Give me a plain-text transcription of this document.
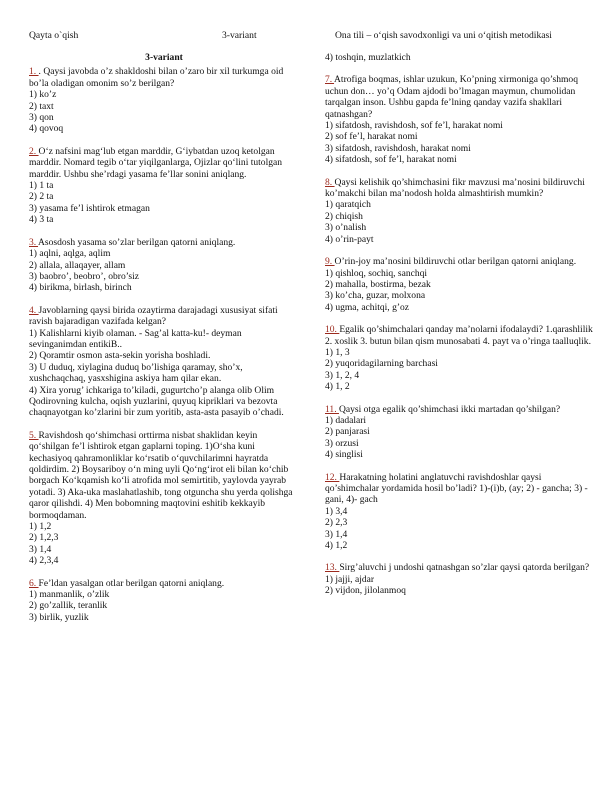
Qayta o`qish	3-variant	Ona tili – o‘qish savodxonligi va uni o‘qitish metodikasi
3-variant

1. . Qaysi javobda o’z shakldoshi bilan o’zaro bir xil turkumga oid bo’la oladigan omonim so’z berilgan?

1) ko’z
2) taxt
3) qon
4) qovoq

2. O‘z nafsini mag‘lub etgan marddir, G‘iybatdan uzoq ketolgan marddir. Nomard tegib o‘tar yiqilganlarga, Ojizlar qo‘lini tutolgan marddir. Ushbu she’rdagi yasama fe’llar sonini aniqlang.

1) 1 ta
2) 2 ta
3) yasama fe’l ishtirok etmagan
4) 3 ta

3. Asosdosh yasama so’zlar berilgan qatorni aniqlang.

1) aqlni, aqlga, aqlim
2) allala, allaqayer, allam
3) baobro’, beobro’, obro’siz
4) birikma, birlash, birinch

4. Javoblarning qaysi birida ozaytirma darajadagi xususiyat sifati ravish bajaradigan vazifada kelgan?

1) Kalishlarni kiyib olaman. - Sag’al katta-ku!- deyman sevinganimdan entikiB..
2) Qoramtir osmon asta-sekin yorisha boshladi.
3) U duduq, xiylagina duduq bo’lishiga qaramay, sho’x, xushchaqchaq, yasxshigina askiya ham qilar ekan.
4) Xira yorug’ ichkariga to’kiladi, gugurtcho’p alanga olib Olim Qodirovning kulcha, oqish yuzlarini, quyuq kipriklari va bezovta chaqnayotgan ko’zlarini bir zum yoritib, asta-asta pasayib o’chadi.

5. Ravishdosh qo‘shimchasi orttirma nisbat shaklidan keyin qo‘shilgan fe’l ishtirok etgan gaplarni toping. 1)O‘sha kuni kechasiyoq qahramonliklar ko‘rsatib o‘quvchilarimni hayratda qoldirdim. 2) Boysariboy o‘n ming uyli Qo‘ng‘irot eli bilan ko‘chib borgach Ko‘kqamish ko‘li atrofida mol semirtitib, yaylovda yayrab yotadi. 3) Aka-uka maslahatlashib, tong otguncha shu yerda qolishga qaror qilishdi. 4) Men bobomning maqtovini eshitib kekkayib bormoqdaman.

1) 1,2
2) 1,2,3
3) 1,4
4) 2,3,4

6. Fe’ldan yasalgan otlar berilgan qatorni aniqlang.

1) manmanlik, o’zlik
2) go’zallik, teranlik
3) birlik, yuzlik
4) toshqin, muzlatkich

7. Atrofiga boqmas, ishlar uzukun, Ko’pning xirmoniga qo’shmoq uchun don… yo’q Odam ajdodi bo’lmagan maymun, chumolidan tarqalgan inson. Ushbu gapda fe’lning qanday vazifa shakllari qatnashgan?

1) sifatdosh, ravishdosh, sof fe’l, harakat nomi
2) sof fe’l, harakat nomi
3) sifatdosh, ravishdosh, harakat nomi
4) sifatdosh, sof fe’l, harakat nomi

8. Qaysi kelishik qo’shimchasini fikr mavzusi ma’nosini bildiruvchi ko’makchi bilan ma’nodosh holda almashtirish mumkin?

1) qaratqich
2) chiqish
3) o’nalish
4) o’rin-payt

9. O’rin-joy ma’nosini bildiruvchi otlar berilgan qatorni aniqlang.

1) qishloq, sochiq, sanchqi
2) mahalla, bostirma, bezak
3) ko’cha, guzar, molxona
4) ugma, achitqi, g’oz

10. Egalik qo’shimchalari qanday ma’nolarni ifodalaydi? 1.qarashlilik 2. xoslik 3. butun bilan qism munosabati 4. payt va o’ringa taalluqlik.

1) 1, 3
2) yuqoridagilarning barchasi
3) 1, 2, 4
4) 1, 2

11. Qaysi otga egalik qo’shimchasi ikki martadan qo’shilgan?

1) dadalari
2) panjarasi
3) orzusi
4) singlisi

12. Harakatning holatini anglatuvchi ravishdoshlar qaysi qo’shimchalar yordamida hosil bo’ladi? 1)-(i)b, (ay; 2) - gancha; 3) -gani, 4)- gach

1) 3,4
2) 2,3
3) 1,4
4) 1,2

13. Sirg’aluvchi j undoshi qatnashgan so’zlar qaysi qatorda berilgan?

1) jajji, ajdar
2) vijdon, jilolanmoq
